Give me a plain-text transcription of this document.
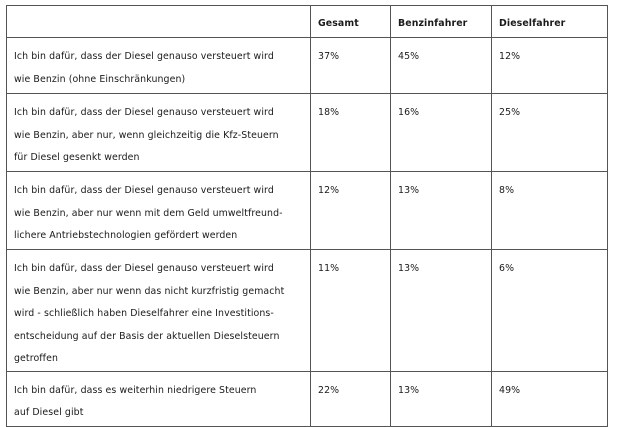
	Gesamt	Benzinfahrer	Dieselfahrer

Ich bin dafür, dass der Diesel genauso versteuert wird
wie Benzin (ohne Einschränkungen)	37%	45%	12%

Ich bin dafür, dass der Diesel genauso versteuert wird
wie Benzin, aber nur, wenn gleichzeitig die Kfz-Steuern
für Diesel gesenkt werden	18%	16%	25%

Ich bin dafür, dass der Diesel genauso versteuert wird
wie Benzin, aber nur wenn mit dem Geld umweltfreund-
lichere Antriebstechnologien gefördert werden	12%	13%	8%

Ich bin dafür, dass der Diesel genauso versteuert wird
wie Benzin, aber nur wenn das nicht kurzfristig gemacht
wird - schließlich haben Dieselfahrer eine Investitions-
entscheidung auf der Basis der aktuellen Dieselsteuern
getroffen	11%	13%	6%

Ich bin dafür, dass es weiterhin niedrigere Steuern
auf Diesel gibt	22%	13%	49%
